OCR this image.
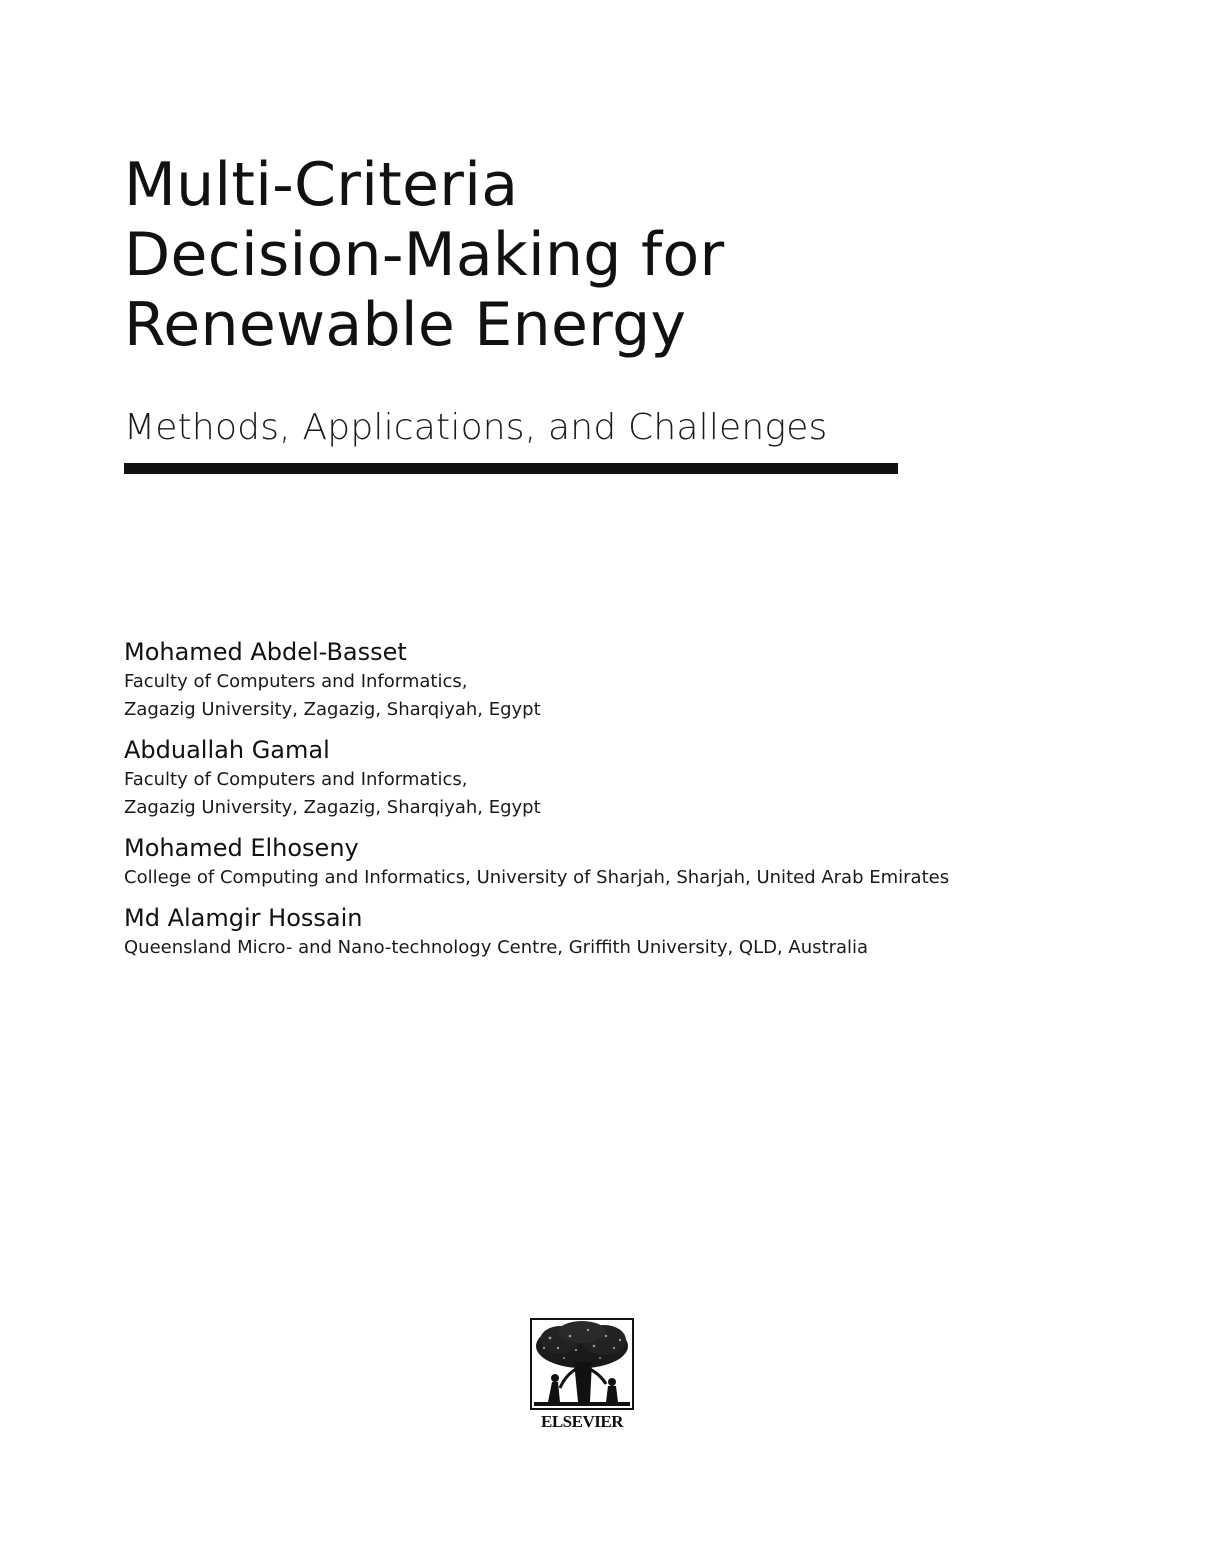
Multi-Criteria
Decision-Making for
Renewable Energy
Methods, Applications, and Challenges
Mohamed Abdel-Basset
Faculty of Computers and Informatics,
Zagazig University, Zagazig, Sharqiyah, Egypt
Abduallah Gamal
Faculty of Computers and Informatics,
Zagazig University, Zagazig, Sharqiyah, Egypt
Mohamed Elhoseny
College of Computing and Informatics, University of Sharjah, Sharjah, United Arab Emirates
Md Alamgir Hossain
Queensland Micro- and Nano-technology Centre, Griffith University, QLD, Australia
ELSEVIER
